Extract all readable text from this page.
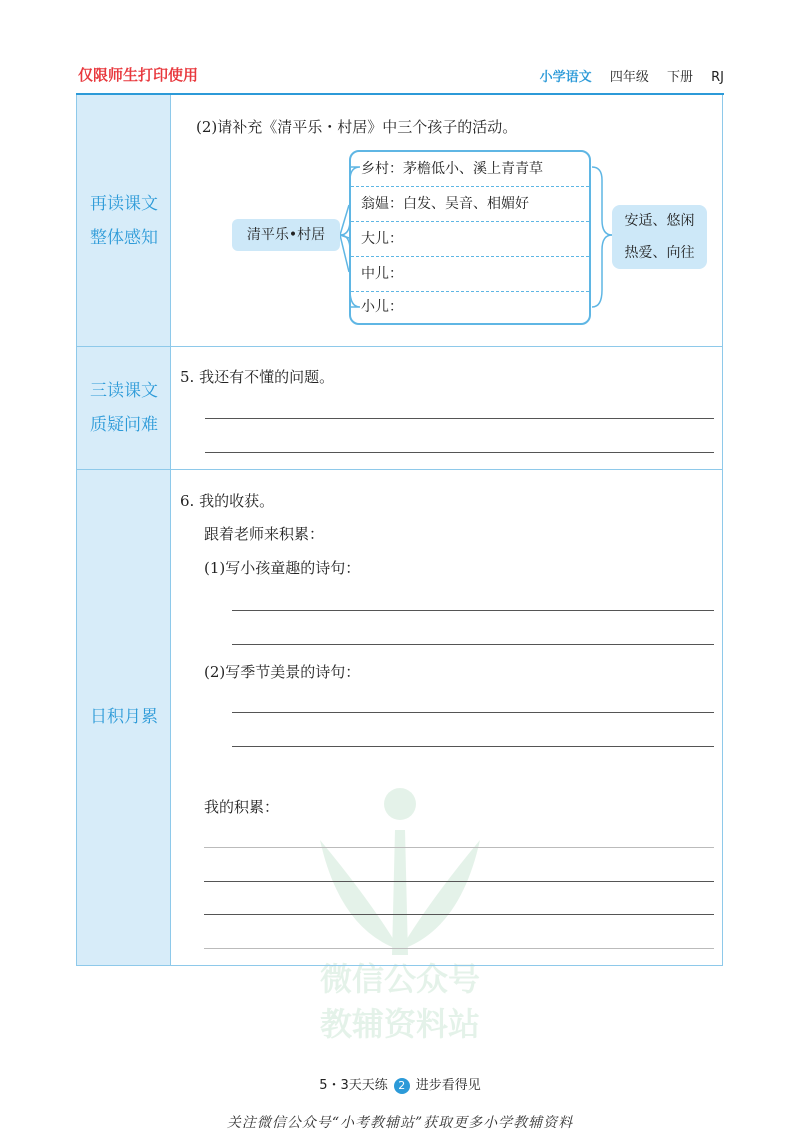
仅限师生打印使用	小学语文 四年级 下册 RJ
微信公众号
教辅资料站
再读课文
整体感知
三读课文
质疑问难
日积月累
(2)请补充《清平乐・村居》中三个孩子的活动。
清平乐•村居
乡村：茅檐低小、溪上青青草
翁媪：白发、吴音、相媚好
大儿：
中儿：
小儿：
安适、悠闲
热爱、向往
5. 我还有不懂的问题。
6. 我的收获。
跟着老师来积累：
(1)写小孩童趣的诗句：
(2)写季节美景的诗句：
我的积累：
5・3天天练 2 进步看得见
关注微信公众号“小考教辅站”获取更多小学教辅资料
